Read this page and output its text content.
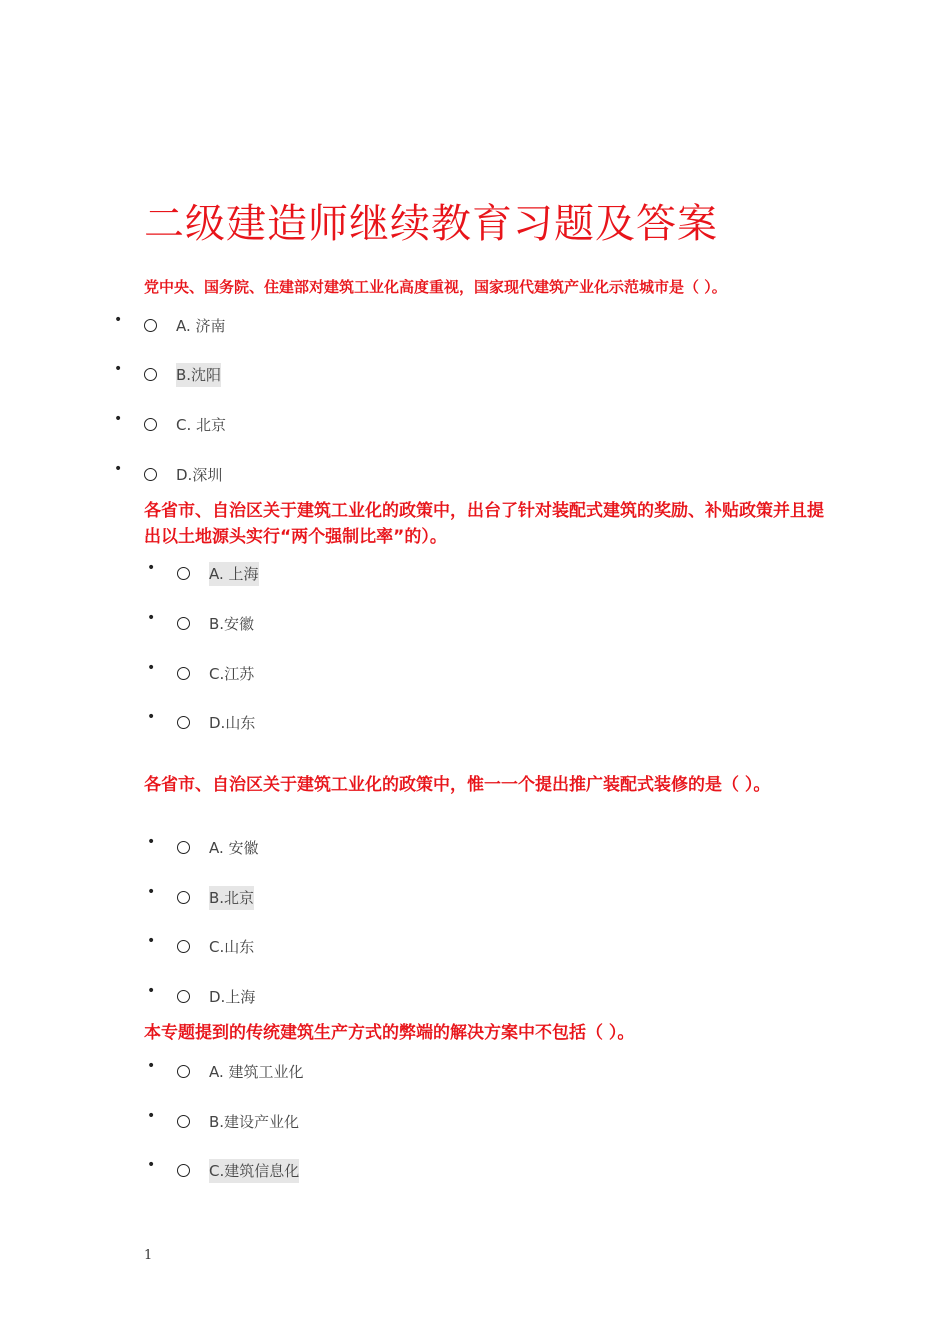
二级建造师继续教育习题及答案
党中央、国务院、住建部对建筑工业化高度重视，国家现代建筑产业化示范城市是（ ）。
•	A. 济南
•	B.沈阳
•	C. 北京
•	D.深圳
各省市、自治区关于建筑工业化的政策中，出台了针对装配式建筑的奖励、补贴政策并且提出以土地源头实行“两个强制比率”的）。
•	A. 上海
•	B.安徽
•	C.江苏
•	D.山东
各省市、自治区关于建筑工业化的政策中，惟一一个提出推广装配式装修的是（ ）。
•	A. 安徽
•	B.北京
•	C.山东
•	D.上海
本专题提到的传统建筑生产方式的弊端的解决方案中不包括（ ）。
•	A. 建筑工业化
•	B.建设产业化
•	C.建筑信息化
1
